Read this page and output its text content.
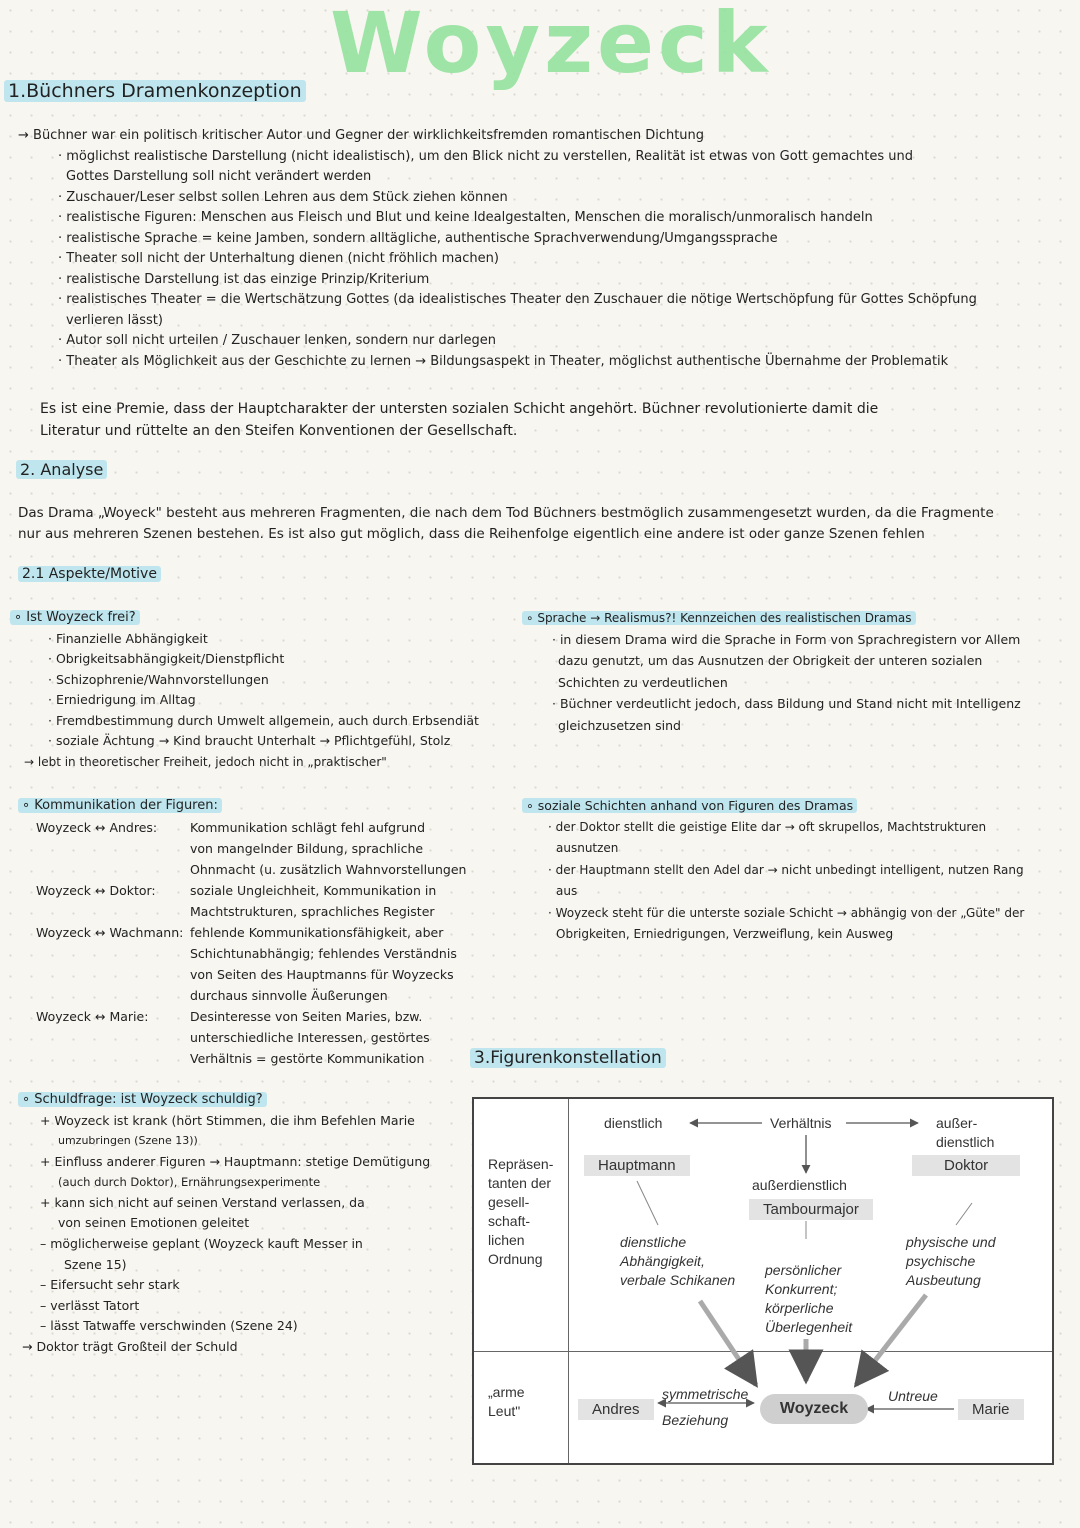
Woyzeck
1.Büchners Dramenkonzeption
→ Büchner war ein politisch kritischer Autor und Gegner der wirklichkeitsfremden romantischen Dichtung
· möglichst realistische Darstellung (nicht idealistisch), um den Blick nicht zu verstellen, Realität ist etwas von Gott gemachtes und
Gottes Darstellung soll nicht verändert werden
· Zuschauer/Leser selbst sollen Lehren aus dem Stück ziehen können
· realistische Figuren: Menschen aus Fleisch und Blut und keine Idealgestalten, Menschen die moralisch/unmoralisch handeln
· realistische Sprache = keine Jamben, sondern alltägliche, authentische Sprachverwendung/Umgangssprache
· Theater soll nicht der Unterhaltung dienen (nicht fröhlich machen)
· realistische Darstellung ist das einzige Prinzip/Kriterium
· realistisches Theater = die Wertschätzung Gottes (da idealistisches Theater den Zuschauer die nötige Wertschöpfung für Gottes Schöpfung
verlieren lässt)
· Autor soll nicht urteilen / Zuschauer lenken, sondern nur darlegen
· Theater als Möglichkeit aus der Geschichte zu lernen → Bildungsaspekt in Theater, möglichst authentische Übernahme der Problematik
Es ist eine Premie, dass der Hauptcharakter der untersten sozialen Schicht angehört. Büchner revolutionierte damit die
Literatur und rüttelte an den Steifen Konventionen der Gesellschaft.
2. Analyse
Das Drama „Woyeck" besteht aus mehreren Fragmenten, die nach dem Tod Büchners bestmöglich zusammengesetzt wurden, da die Fragmente
nur aus mehreren Szenen bestehen. Es ist also gut möglich, dass die Reihenfolge eigentlich eine andere ist oder ganze Szenen fehlen
2.1 Aspekte/Motive
∘ Ist Woyzeck frei?
· Finanzielle Abhängigkeit
· Obrigkeitsabhängigkeit/Dienstpflicht
· Schizophrenie/Wahnvorstellungen
· Erniedrigung im Alltag
· Fremdbestimmung durch Umwelt allgemein, auch durch Erbsendiät
· soziale Ächtung → Kind braucht Unterhalt → Pflichtgefühl, Stolz
→ lebt in theoretischer Freiheit, jedoch nicht in „praktischer"
∘ Sprache → Realismus?! Kennzeichen des realistischen Dramas
· in diesem Drama wird die Sprache in Form von Sprachregistern vor Allem
dazu genutzt, um das Ausnutzen der Obrigkeit der unteren sozialen
Schichten zu verdeutlichen
· Büchner verdeutlicht jedoch, dass Bildung und Stand nicht mit Intelligenz
gleichzusetzen sind
∘ Kommunikation der Figuren:
Woyzeck ↔ Andres:	Kommunikation schlägt fehl aufgrund
von mangelnder Bildung, sprachliche
Ohnmacht (u. zusätzlich Wahnvorstellungen
Woyzeck ↔ Doktor:	soziale Ungleichheit, Kommunikation in
Machtstrukturen, sprachliches Register
Woyzeck ↔ Wachmann: fehlende Kommunikationsfähigkeit, aber
Schichtunabhängig; fehlendes Verständnis
von Seiten des Hauptmanns für Woyzecks
durchaus sinnvolle Äußerungen
Woyzeck ↔ Marie:	Desinteresse von Seiten Maries, bzw.
unterschiedliche Interessen, gestörtes
Verhältnis = gestörte Kommunikation
∘ soziale Schichten anhand von Figuren des Dramas
· der Doktor stellt die geistige Elite dar → oft skrupellos, Machtstrukturen
ausnutzen
· der Hauptmann stellt den Adel dar → nicht unbedingt intelligent, nutzen Rang
aus
· Woyzeck steht für die unterste soziale Schicht → abhängig von der „Güte" der
Obrigkeiten, Erniedrigungen, Verzweiflung, kein Ausweg
∘ Schuldfrage: ist Woyzeck schuldig?
+ Woyzeck ist krank (hört Stimmen, die ihm Befehlen Marie
umzubringen (Szene 13))
+ Einfluss anderer Figuren → Hauptmann: stetige Demütigung
(auch durch Doktor), Ernährungsexperimente
+ kann sich nicht auf seinen Verstand verlassen, da
von seinen Emotionen geleitet
– möglicherweise geplant (Woyzeck kauft Messer in
Szene 15)
– Eifersucht sehr stark
– verlässt Tatort
– lässt Tatwaffe verschwinden (Szene 24)
→ Doktor trägt Großteil der Schuld
3.Figurenkonstellation
Repräsen-
tanten der
gesell-
schaft-
lichen
Ordnung
„arme
Leut"
dienstlich	Verhältnis	außer-
dienstlich
Hauptmann	Doktor
außerdienstlich
Tambourmajor
dienstliche
Abhängigkeit,
verbale Schikanen
persönlicher
Konkurrent;
körperliche
Überlegenheit
physische und
psychische
Ausbeutung
Andres
symmetrische
Beziehung
Woyzeck
Untreue
Marie
